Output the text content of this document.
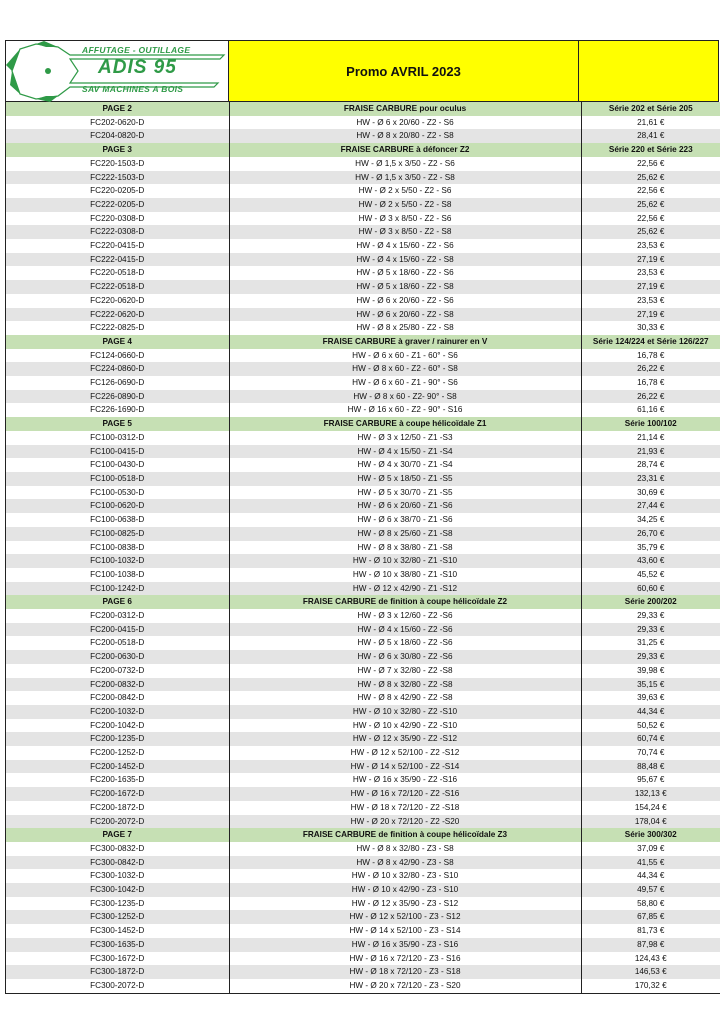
AFFUTAGE - OUTILLAGE
ADIS 95
SAV MACHINES A BOIS
Promo AVRIL 2023
PAGE 2	FRAISE CARBURE pour oculus	Série 202 et Série 205
FC202-0620-D	HW - Ø 6 x 20/60 - Z2 - S6	21,61 €
FC204-0820-D	HW - Ø 8 x 20/80 - Z2 - S8	28,41 €
PAGE 3	FRAISE CARBURE à défoncer Z2	Série 220 et Série 223
FC220-1503-D	HW - Ø 1,5 x 3/50 - Z2 - S6	22,56 €
FC222-1503-D	HW - Ø 1,5 x 3/50 - Z2 - S8	25,62 €
FC220-0205-D	HW - Ø 2 x 5/50 - Z2 - S6	22,56 €
FC222-0205-D	HW - Ø 2 x 5/50 - Z2 - S8	25,62 €
FC220-0308-D	HW - Ø 3 x 8/50 - Z2 - S6	22,56 €
FC222-0308-D	HW - Ø 3 x 8/50 - Z2 - S8	25,62 €
FC220-0415-D	HW - Ø 4 x 15/60 - Z2 - S6	23,53 €
FC222-0415-D	HW - Ø 4 x 15/60 - Z2 - S8	27,19 €
FC220-0518-D	HW - Ø 5 x 18/60 - Z2 - S6	23,53 €
FC222-0518-D	HW - Ø 5 x 18/60 - Z2 - S8	27,19 €
FC220-0620-D	HW - Ø 6 x 20/60 - Z2 - S6	23,53 €
FC222-0620-D	HW - Ø 6 x 20/60 - Z2 - S8	27,19 €
FC222-0825-D	HW - Ø 8 x 25/80 - Z2 - S8	30,33 €
PAGE 4	FRAISE CARBURE à graver / rainurer en V	Série 124/224 et Série 126/227
FC124-0660-D	HW - Ø 6 x 60 - Z1 - 60° - S6	16,78 €
FC224-0860-D	HW - Ø 8 x 60 - Z2 - 60° - S8	26,22 €
FC126-0690-D	HW - Ø 6 x 60 - Z1 - 90° - S6	16,78 €
FC226-0890-D	HW - Ø 8 x 60 - Z2- 90° - S8	26,22 €
FC226-1690-D	HW - Ø 16 x 60 - Z2 - 90° - S16	61,16 €
PAGE 5	FRAISE CARBURE à coupe hélicoïdale Z1	Série 100/102
FC100-0312-D	HW - Ø 3 x 12/50 - Z1 -S3	21,14 €
FC100-0415-D	HW - Ø 4 x 15/50 - Z1 -S4	21,93 €
FC100-0430-D	HW - Ø 4 x 30/70 - Z1 -S4	28,74 €
FC100-0518-D	HW - Ø 5 x 18/50 - Z1 -S5	23,31 €
FC100-0530-D	HW - Ø 5 x 30/70 - Z1 -S5	30,69 €
FC100-0620-D	HW - Ø 6 x 20/60 - Z1 -S6	27,44 €
FC100-0638-D	HW - Ø 6 x 38/70 - Z1 -S6	34,25 €
FC100-0825-D	HW - Ø 8 x 25/60 - Z1 -S8	26,70 €
FC100-0838-D	HW - Ø 8 x 38/80 - Z1 -S8	35,79 €
FC100-1032-D	HW - Ø 10 x 32/80 - Z1 -S10	43,60 €
FC100-1038-D	HW - Ø 10 x 38/80 - Z1 -S10	45,52 €
FC100-1242-D	HW - Ø 12 x 42/90 - Z1 -S12	60,60 €
PAGE 6	FRAISE CARBURE de finition à coupe hélicoïdale Z2	Série 200/202
FC200-0312-D	HW - Ø 3 x 12/60 - Z2 -S6	29,33 €
FC200-0415-D	HW - Ø 4 x 15/60 - Z2 -S6	29,33 €
FC200-0518-D	HW - Ø 5 x 18/60 - Z2 -S6	31,25 €
FC200-0630-D	HW - Ø 6 x 30/80 - Z2 -S6	29,33 €
FC200-0732-D	HW - Ø 7 x 32/80 - Z2 -S8	39,98 €
FC200-0832-D	HW - Ø 8 x 32/80 - Z2 -S8	35,15 €
FC200-0842-D	HW - Ø 8 x 42/90 - Z2 -S8	39,63 €
FC200-1032-D	HW - Ø 10 x 32/80 - Z2 -S10	44,34 €
FC200-1042-D	HW - Ø 10 x 42/90 - Z2 -S10	50,52 €
FC200-1235-D	HW - Ø 12 x 35/90 - Z2 -S12	60,74 €
FC200-1252-D	HW - Ø 12 x 52/100 - Z2 -S12	70,74 €
FC200-1452-D	HW - Ø 14 x 52/100 - Z2 -S14	88,48 €
FC200-1635-D	HW - Ø 16 x 35/90 - Z2 -S16	95,67 €
FC200-1672-D	HW - Ø 16 x 72/120 - Z2 -S16	132,13 €
FC200-1872-D	HW - Ø 18 x 72/120 - Z2 -S18	154,24 €
FC200-2072-D	HW - Ø 20 x 72/120 - Z2 -S20	178,04 €
PAGE 7	FRAISE CARBURE de finition à coupe hélicoïdale Z3	Série 300/302
FC300-0832-D	HW - Ø 8 x 32/80 - Z3 - S8	37,09 €
FC300-0842-D	HW - Ø 8 x 42/90 - Z3 - S8	41,55 €
FC300-1032-D	HW - Ø 10 x 32/80 - Z3 - S10	44,34 €
FC300-1042-D	HW - Ø 10 x 42/90 - Z3 - S10	49,57 €
FC300-1235-D	HW - Ø 12 x 35/90 - Z3 - S12	58,80 €
FC300-1252-D	HW - Ø 12 x 52/100 - Z3 - S12	67,85 €
FC300-1452-D	HW - Ø 14 x 52/100 - Z3 - S14	81,73 €
FC300-1635-D	HW - Ø 16 x 35/90 - Z3 - S16	87,98 €
FC300-1672-D	HW - Ø 16 x 72/120 - Z3 - S16	124,43 €
FC300-1872-D	HW - Ø 18 x 72/120 - Z3 - S18	146,53 €
FC300-2072-D	HW - Ø 20 x 72/120 - Z3 - S20	170,32 €
